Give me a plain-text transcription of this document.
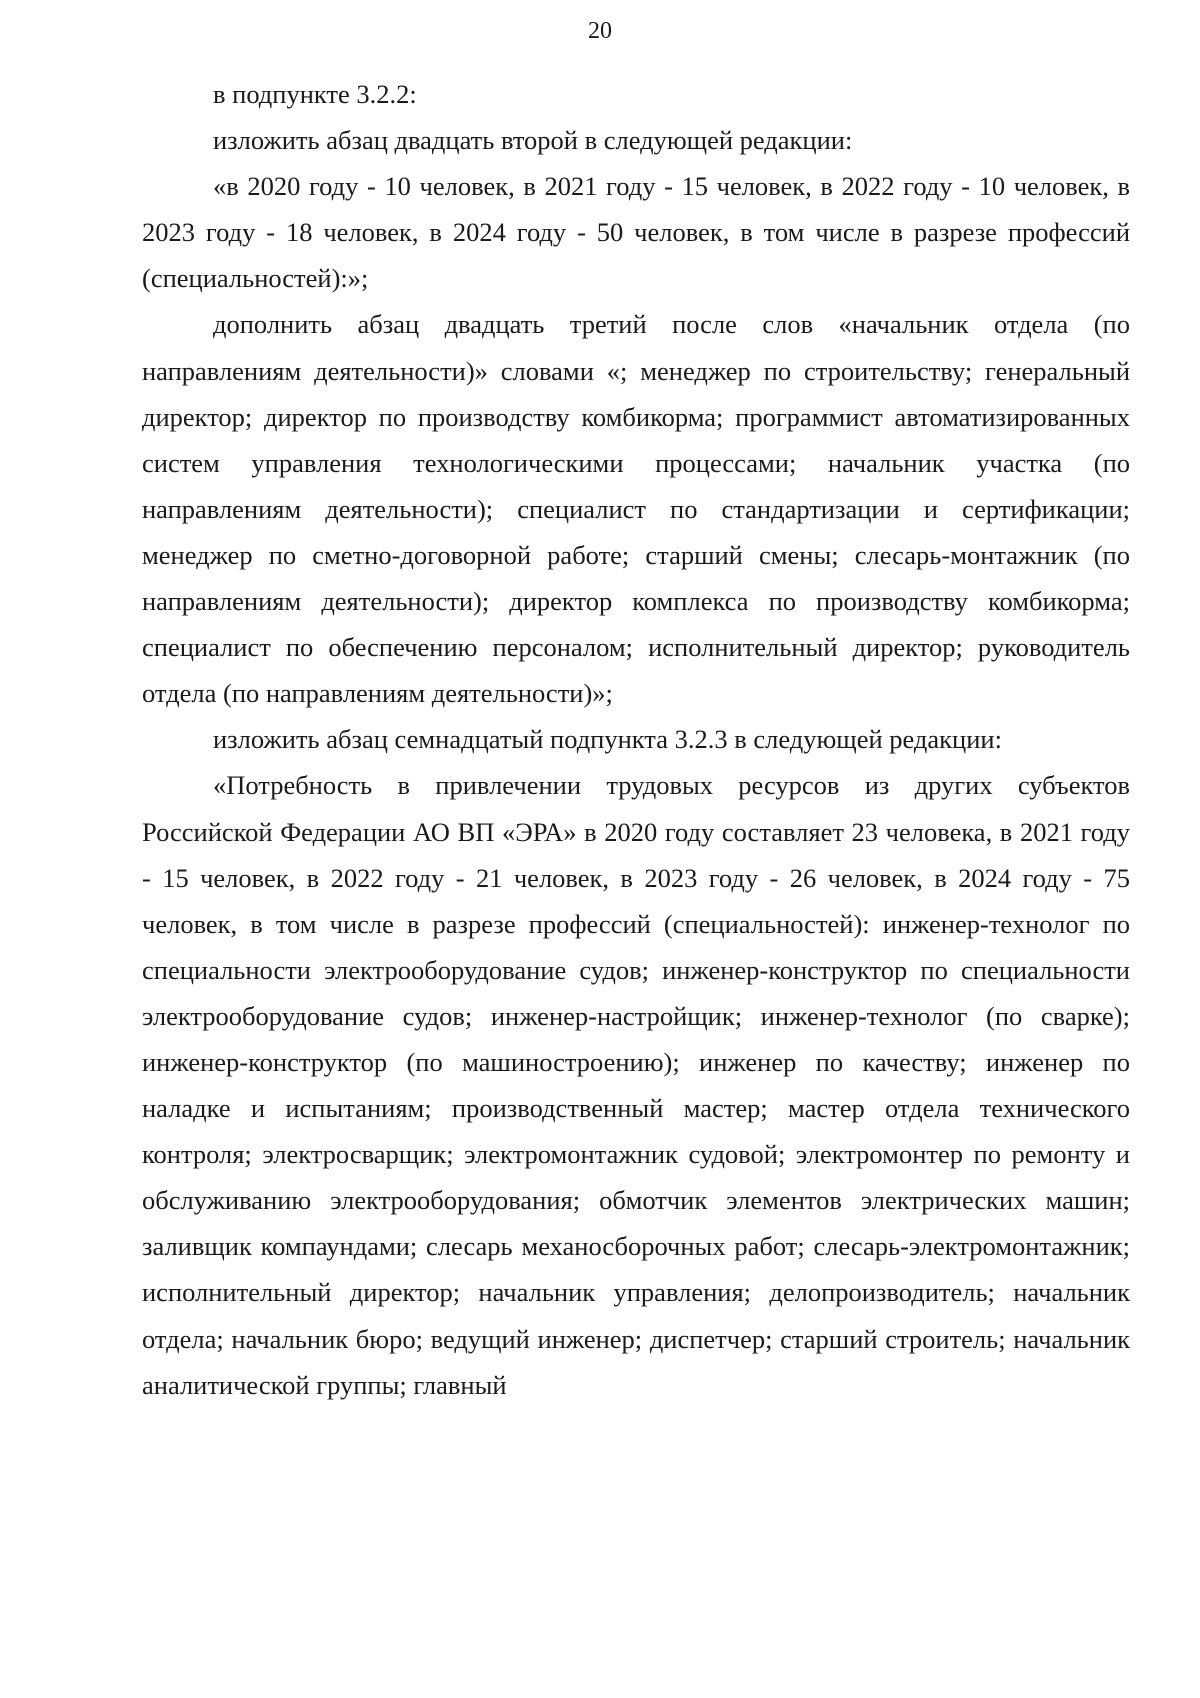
20

в подпункте 3.2.2:

изложить абзац двадцать второй в следующей редакции:

«в 2020 году - 10 человек, в 2021 году - 15 человек, в 2022 году - 10 человек, в 2023 году - 18 человек, в 2024 году - 50 человек, в том числе в разрезе профессий (специальностей):»;

дополнить абзац двадцать третий после слов «начальник отдела (по направлениям деятельности)» словами «; менеджер по строительству; генеральный директор; директор по производству комбикорма; программист автоматизированных систем управления технологическими процессами; начальник участка (по направлениям деятельности); специалист по стандартизации и сертификации; менеджер по сметно-договорной работе; старший смены; слесарь-монтажник (по направлениям деятельности); директор комплекса по производству комбикорма; специалист по обеспечению персоналом; исполнительный директор; руководитель отдела (по направлениям деятельности)»;

изложить абзац семнадцатый подпункта 3.2.3 в следующей редакции:

«Потребность в привлечении трудовых ресурсов из других субъектов Российской Федерации АО ВП «ЭРА» в 2020 году составляет 23 человека, в 2021 году - 15 человек, в 2022 году - 21 человек, в 2023 году - 26 человек, в 2024 году - 75 человек, в том числе в разрезе профессий (специальностей): инженер-технолог по специальности электрооборудование судов; инженер-конструктор по специальности электрооборудование судов; инженер-настройщик; инженер-технолог (по сварке); инженер-конструктор (по машиностроению); инженер по качеству; инженер по наладке и испытаниям; производственный мастер; мастер отдела технического контроля; электросварщик; электромонтажник судовой; электромонтер по ремонту и обслуживанию электрооборудования; обмотчик элементов электрических машин; заливщик компаундами; слесарь механосборочных работ; слесарь-электромонтажник; исполнительный директор; начальник управления; делопроизводитель; начальник отдела; начальник бюро; ведущий инженер; диспетчер; старший строитель; начальник аналитической группы; главный
